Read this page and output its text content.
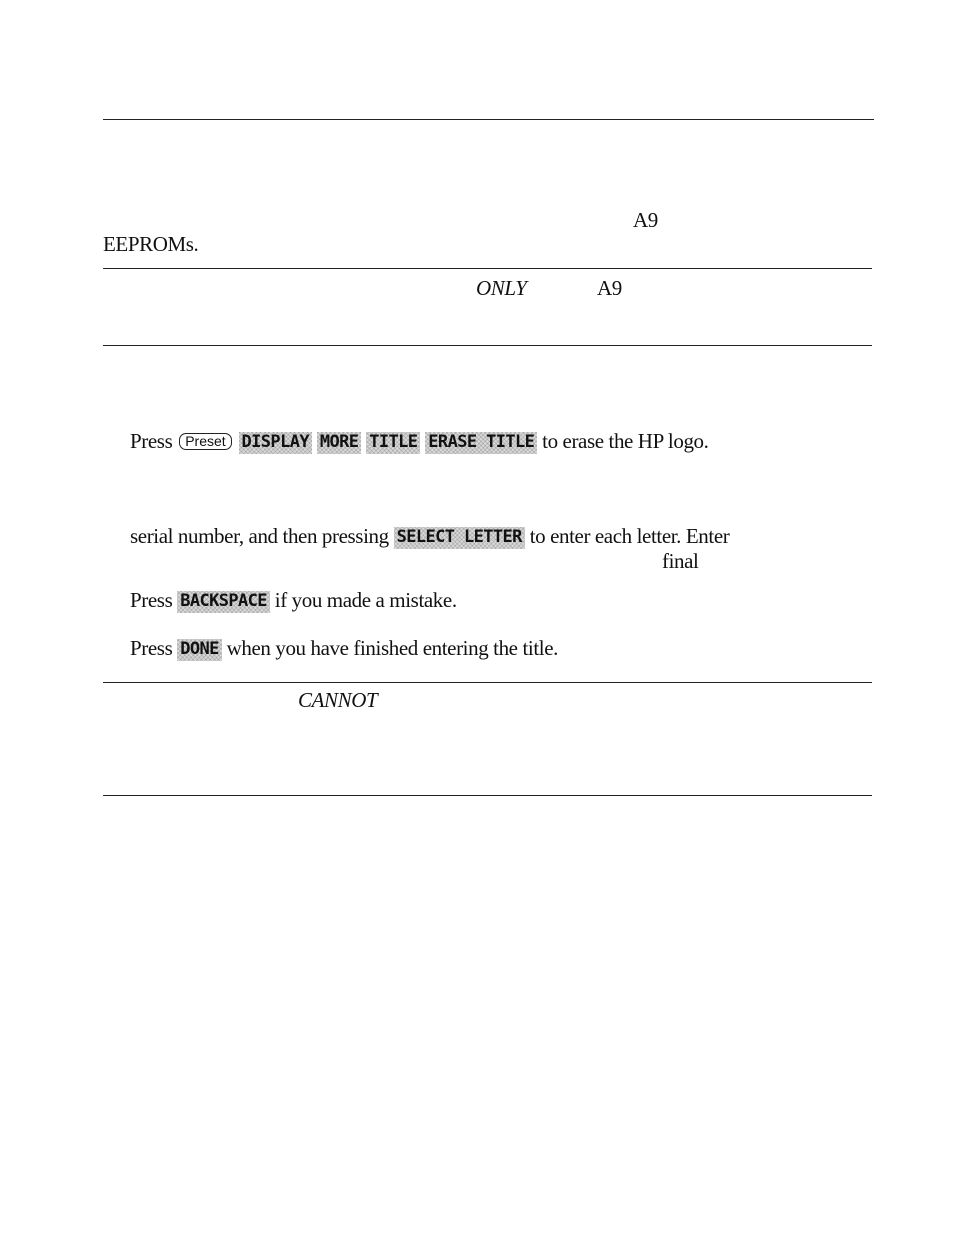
A9
EEPROMs.
ONLY	A9
Press Preset DISPLAY MORE TITLE ERASE TITLE to erase the HP logo.
serial number, and then pressing SELECT LETTER to enter each letter. Enter
final
Press BACKSPACE if you made a mistake.
Press DONE when you have finished entering the title.
CANNOT
